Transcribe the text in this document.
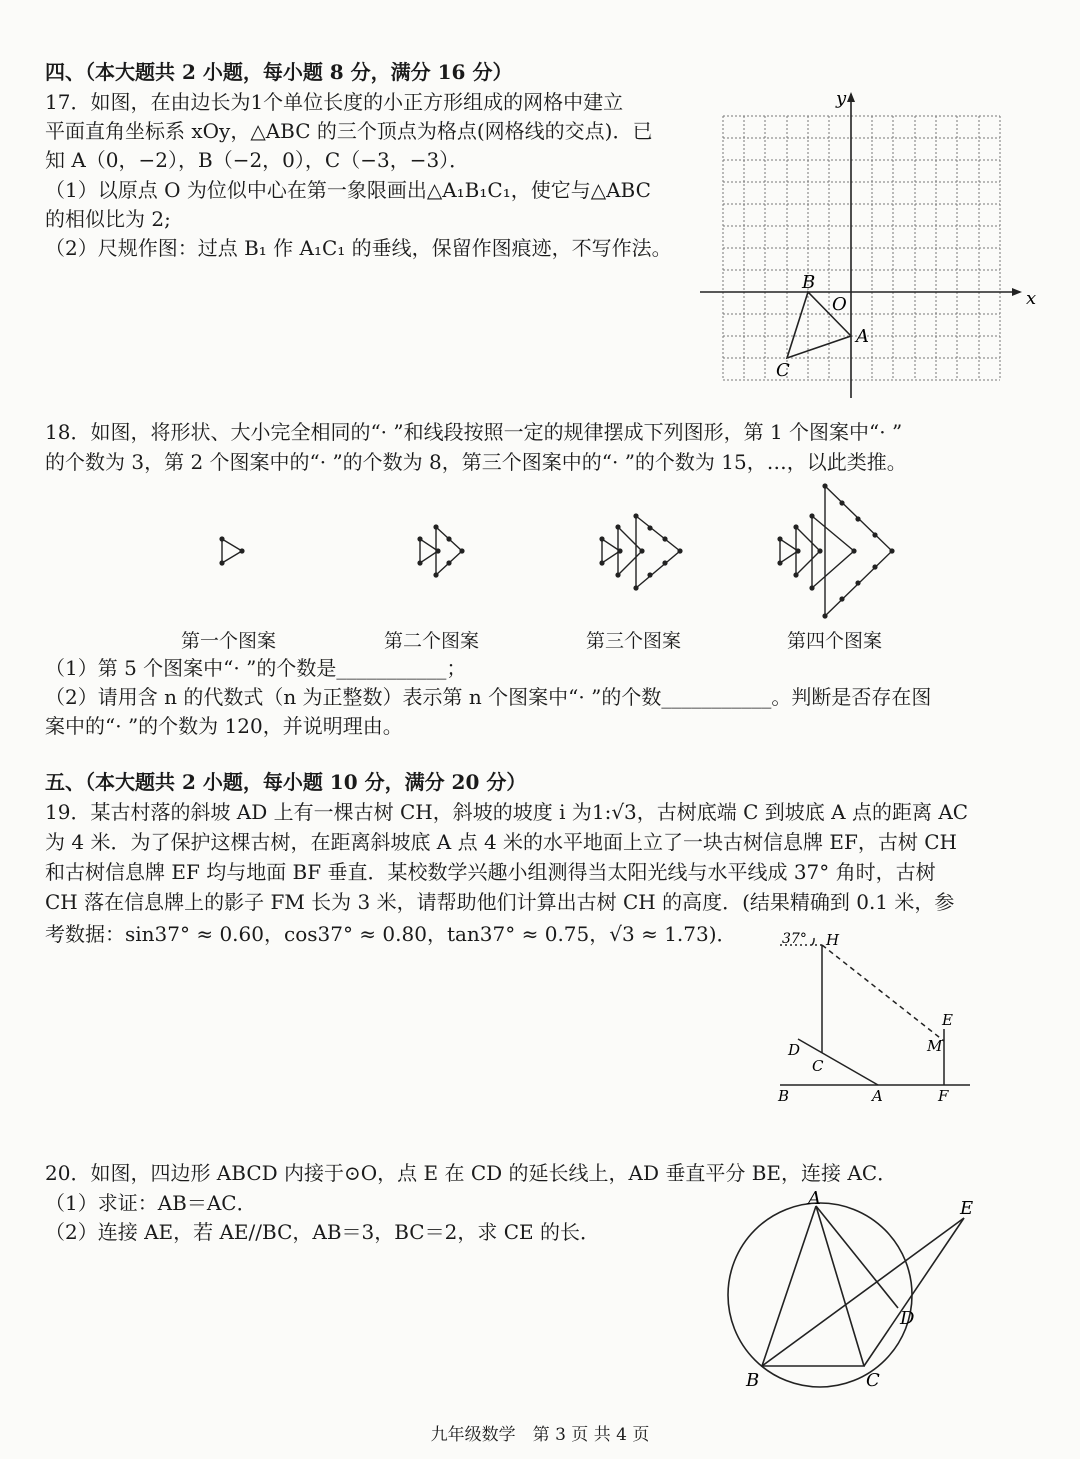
四、（本大题共 2 小题，每小题 8 分，满分 16 分）
17．如图，在由边长为1个单位长度的小正方形组成的网格中建立
平面直角坐标系 xOy，△ABC 的三个顶点为格点(网格线的交点)．已
知 A（0，−2），B（−2，0），C（−3，−3）．
（1）以原点 O 为位似中心在第一象限画出△A₁B₁C₁，使它与△ABC
的相似比为 2;
（2）尺规作图：过点 B₁ 作 A₁C₁ 的垂线，保留作图痕迹，不写作法。
x
y
O
A
B
C
18．如图，将形状、大小完全相同的“· ”和线段按照一定的规律摆成下列图形，第 1 个图案中“· ”
的个数为 3，第 2 个图案中的“· ”的个数为 8，第三个图案中的“· ”的个数为 15，…，以此类推。
第一个图案	第二个图案	第三个图案	第四个图案
（1）第 5 个图案中“· ”的个数是___________；
（2）请用含 n 的代数式（n 为正整数）表示第 n 个图案中“· ”的个数___________。判断是否存在图
案中的“· ”的个数为 120，并说明理由。
五、（本大题共 2 小题，每小题 10 分，满分 20 分）
19．某古村落的斜坡 AD 上有一棵古树 CH，斜坡的坡度 i 为1:√3，古树底端 C 到坡底 A 点的距离 AC
为 4 米．为了保护这棵古树，在距离斜坡底 A 点 4 米的水平地面上立了一块古树信息牌 EF，古树 CH
和古树信息牌 EF 均与地面 BF 垂直．某校数学兴趣小组测得当太阳光线与水平线成 37° 角时，古树
CH 落在信息牌上的影子 FM 长为 3 米，请帮助他们计算出古树 CH 的高度．(结果精确到 0.1 米，参
考数据：sin37° ≈ 0.60，cos37° ≈ 0.80，tan37° ≈ 0.75，√3 ≈ 1.73)．	37° H
E
M
D
C
B	A	F
20．如图，四边形 ABCD 内接于⊙O，点 E 在 CD 的延长线上，AD 垂直平分 BE，连接 AC．
（1）求证：AB＝AC．
（2）连接 AE，若 AE//BC，AB＝3，BC＝2，求 CE 的长．
A
B	C
D
E
九年级数学　第 3 页 共 4 页
